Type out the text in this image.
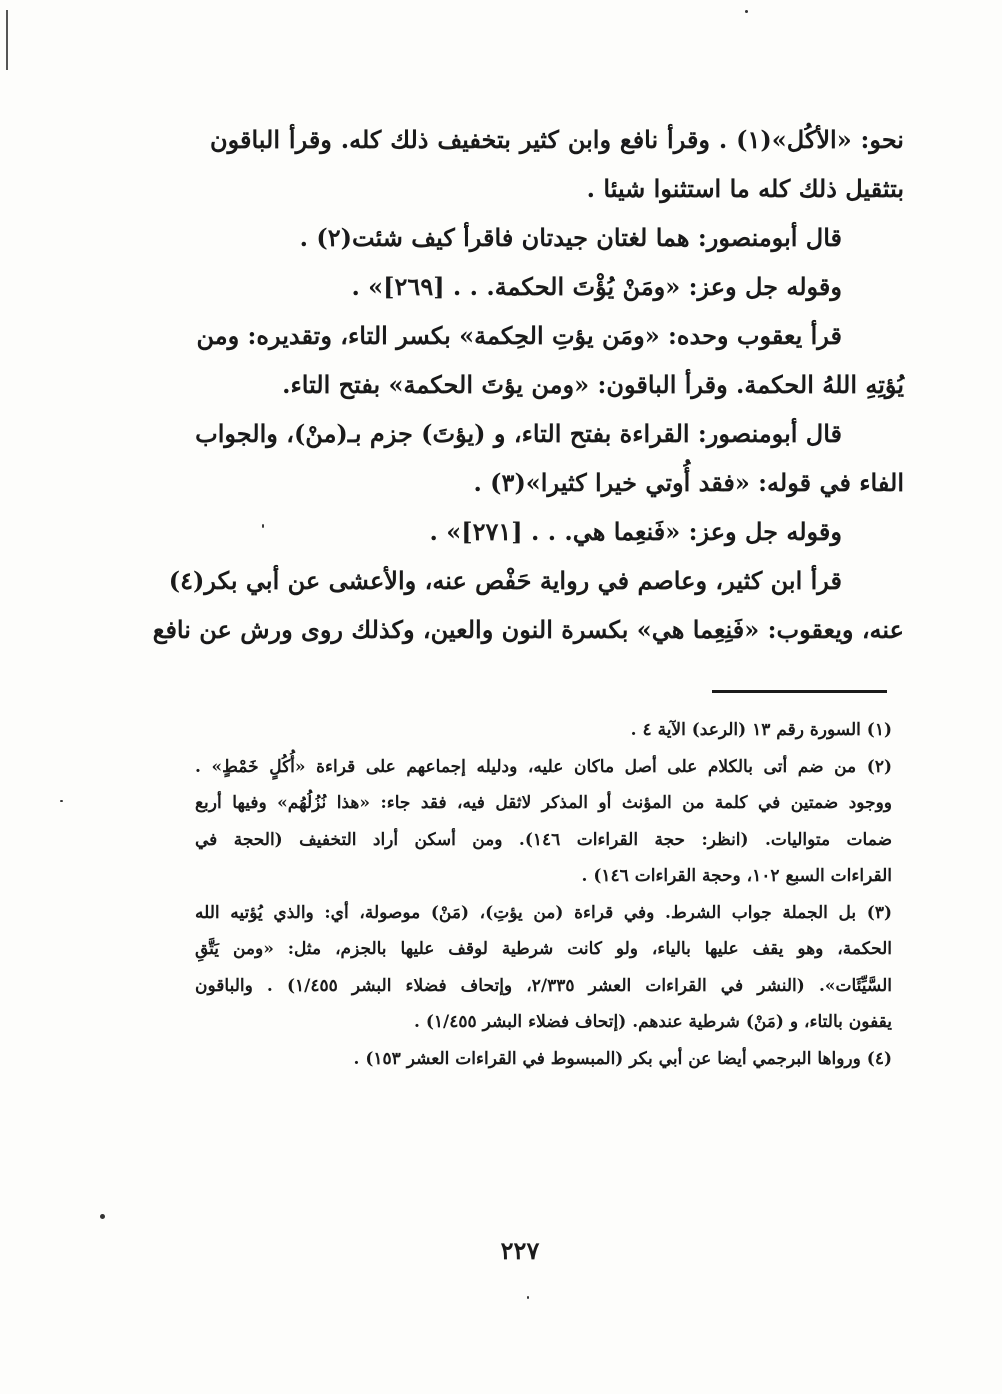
نحو: «الأكُل»(١) . وقرأ نافع وابن كثير بتخفيف ذلك كله. وقرأ الباقون
بتثقيل ذلك كله ما استثنوا شيئا .
قال أبومنصور: هما لغتان جيدتان فاقرأ كيف شئت(٢) .
وقوله جل وعز: «ومَنْ يُؤْتَ الحكمة. . . [٢٦٩]» .
قرأ يعقوب وحده: «ومَن يؤتِ الحِكمة» بكسر التاء، وتقديره: ومن
يُؤتِهِ اللهُ الحكمة. وقرأ الباقون: «ومن يؤتَ الحكمة» بفتح التاء.
قال أبومنصور: القراءة بفتح التاء، و (يؤتَ) جزم بـ(منْ)، والجواب
الفاء في قوله: «فقد أُوتي خيرا كثيرا»(٣) .
وقوله جل وعز: «فَنعِما هي. . . [٢٧١]» .
قرأ ابن كثير، وعاصم في رواية حَفْص عنه، والأعشى عن أبي بكر(٤)
عنه، ويعقوب: «فَنِعِما هي» بكسرة النون والعين، وكذلك روى ورش عن نافع
(١) السورة رقم ١٣ (الرعد) الآية ٤ .
(٢) من ضم أتى بالكلام على أصل ماكان عليه، ودليله إجماعهم على قراءة «أُكُلٍ خَمْطٍ» .
ووجود ضمتين في كلمة من المؤنث أو المذكر لاثقل فيه، فقد جاء: «هذا نُزُلُهُم» وفيها أربع
ضمات متواليات. (انظر: حجة القراءات ١٤٦). ومن أسكن أراد التخفيف (الحجة في
القراءات السبع ١٠٢، وحجة القراءات ١٤٦) .
(٣) بل الجملة جواب الشرط. وفي قراءة (من يؤتِ)، (مَنْ) موصولة، أي: والذي يُؤتيه الله
الحكمة، وهو يقف عليها بالياء، ولو كانت شرطية لوقف عليها بالجزم، مثل: «ومن يَتَّقِ
السَّيِّئَات». (النشر في القراءات العشر ٢/٣٣٥، وإتحاف فضلاء البشر ١/٤٥٥) . والباقون
يقفون بالتاء، و (مَنْ) شرطية عندهم. (إتحاف فضلاء البشر ١/٤٥٥) .
(٤) ورواها البرجمي أيضا عن أبي بكر (المبسوط في القراءات العشر ١٥٣) .
٢٢٧
